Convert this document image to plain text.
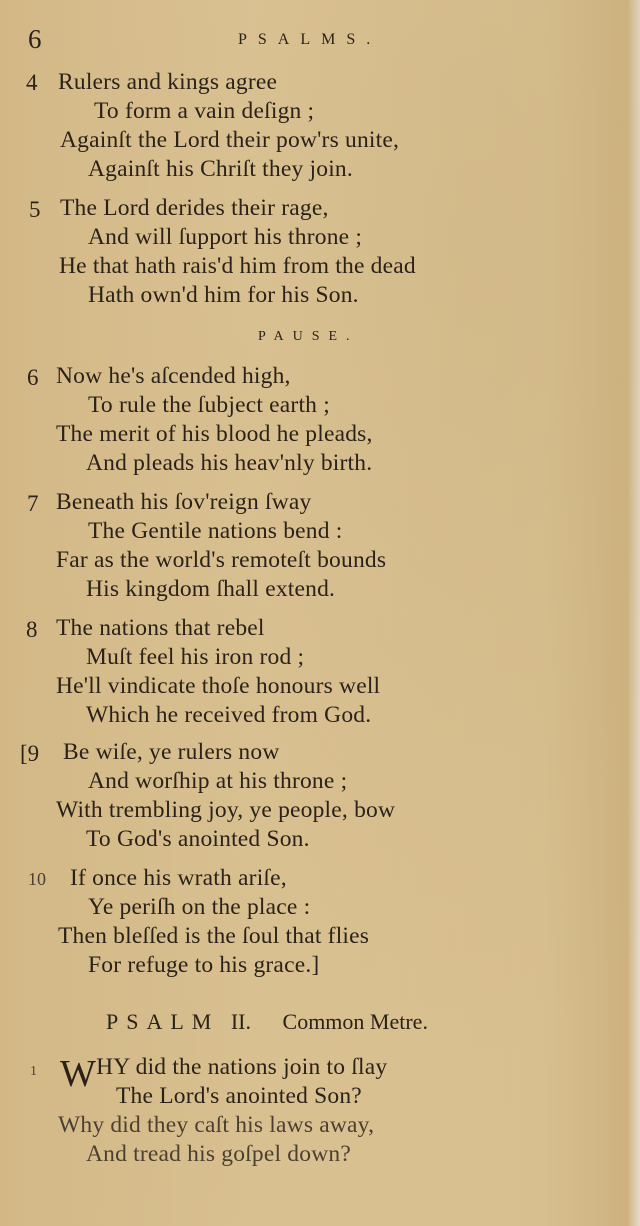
6	PSALMS.
4 Rulers and kings agree
To form a vain deſign ;
Againſt the Lord their pow'rs unite,
Againſt his Chriſt they join.
5 The Lord derides their rage,
And will ſupport his throne ;
He that hath rais'd him from the dead
Hath own'd him for his Son.
PAUSE.
6 Now he's aſcended high,
To rule the ſubject earth ;
The merit of his blood he pleads,
And pleads his heav'nly birth.
7 Beneath his ſov'reign ſway
The Gentile nations bend :
Far as the world's remoteſt bounds
His kingdom ſhall extend.
8 The nations that rebel
Muſt feel his iron rod ;
He'll vindicate thoſe honours well
Which he received from God.
[9 Be wiſe, ye rulers now
And worſhip at his throne ;
With trembling joy, ye people, bow
To God's anointed Son.
10 If once his wrath ariſe,
Ye periſh on the place :
Then bleſſed is the ſoul that flies
For refuge to his grace.]
PSALM II. Common Metre.
1 WHY did the nations join to ſlay
The Lord's anointed Son?
Why did they caſt his laws away,
And tread his goſpel down?
